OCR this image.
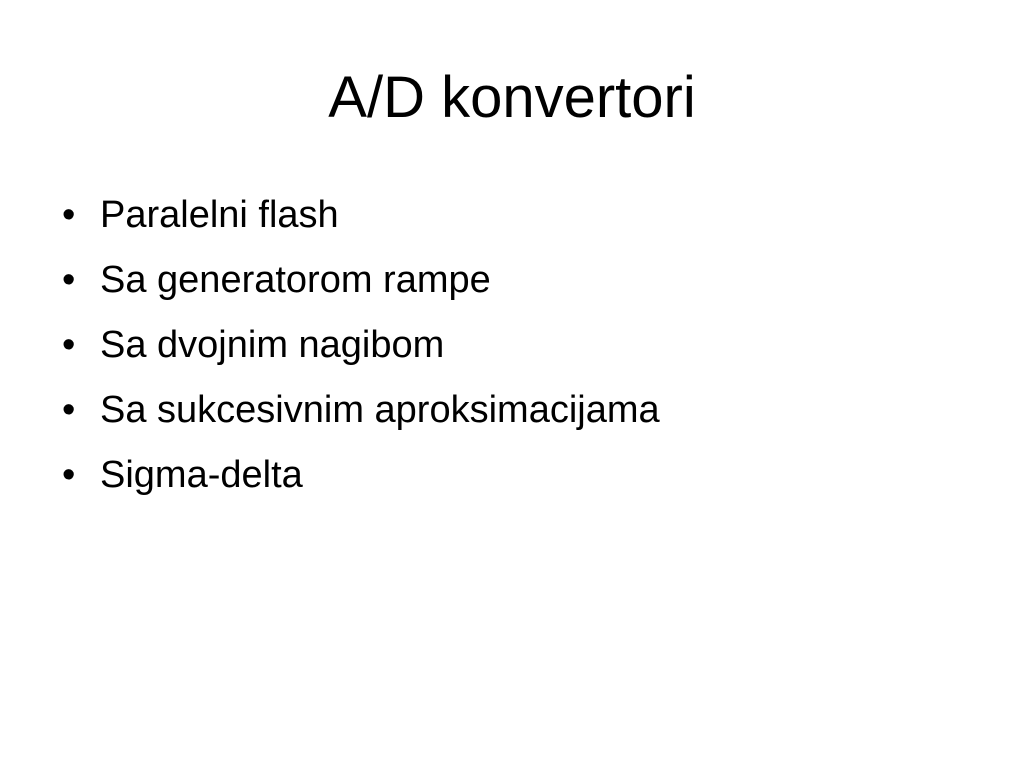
A/D konvertori
• Paralelni flash
• Sa generatorom rampe
• Sa dvojnim nagibom
• Sa sukcesivnim aproksimacijama
• Sigma-delta
